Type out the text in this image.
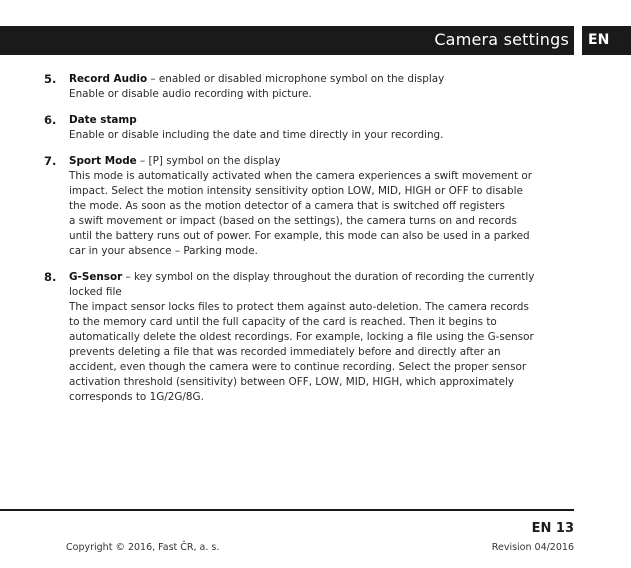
Camera settings	EN
5. Record Audio – enabled or disabled microphone symbol on the display
Enable or disable audio recording with picture.
6. Date stamp
Enable or disable including the date and time directly in your recording.
7. Sport Mode – [P] symbol on the display
This mode is automatically activated when the camera experiences a swift movement or
impact. Select the motion intensity sensitivity option LOW, MID, HIGH or OFF to disable
the mode. As soon as the motion detector of a camera that is switched off registers
a swift movement or impact (based on the settings), the camera turns on and records
until the battery runs out of power. For example, this mode can also be used in a parked
car in your absence – Parking mode.
8. G-Sensor – key symbol on the display throughout the duration of recording the currently
locked file
The impact sensor locks files to protect them against auto-deletion. The camera records
to the memory card until the full capacity of the card is reached. Then it begins to
automatically delete the oldest recordings. For example, locking a file using the G-sensor
prevents deleting a file that was recorded immediately before and directly after an
accident, even though the camera were to continue recording. Select the proper sensor
activation threshold (sensitivity) between OFF, LOW, MID, HIGH, which approximately
corresponds to 1G/2G/8G.
EN 13
Copyright © 2016, Fast ČR, a. s.	Revision 04/2016
